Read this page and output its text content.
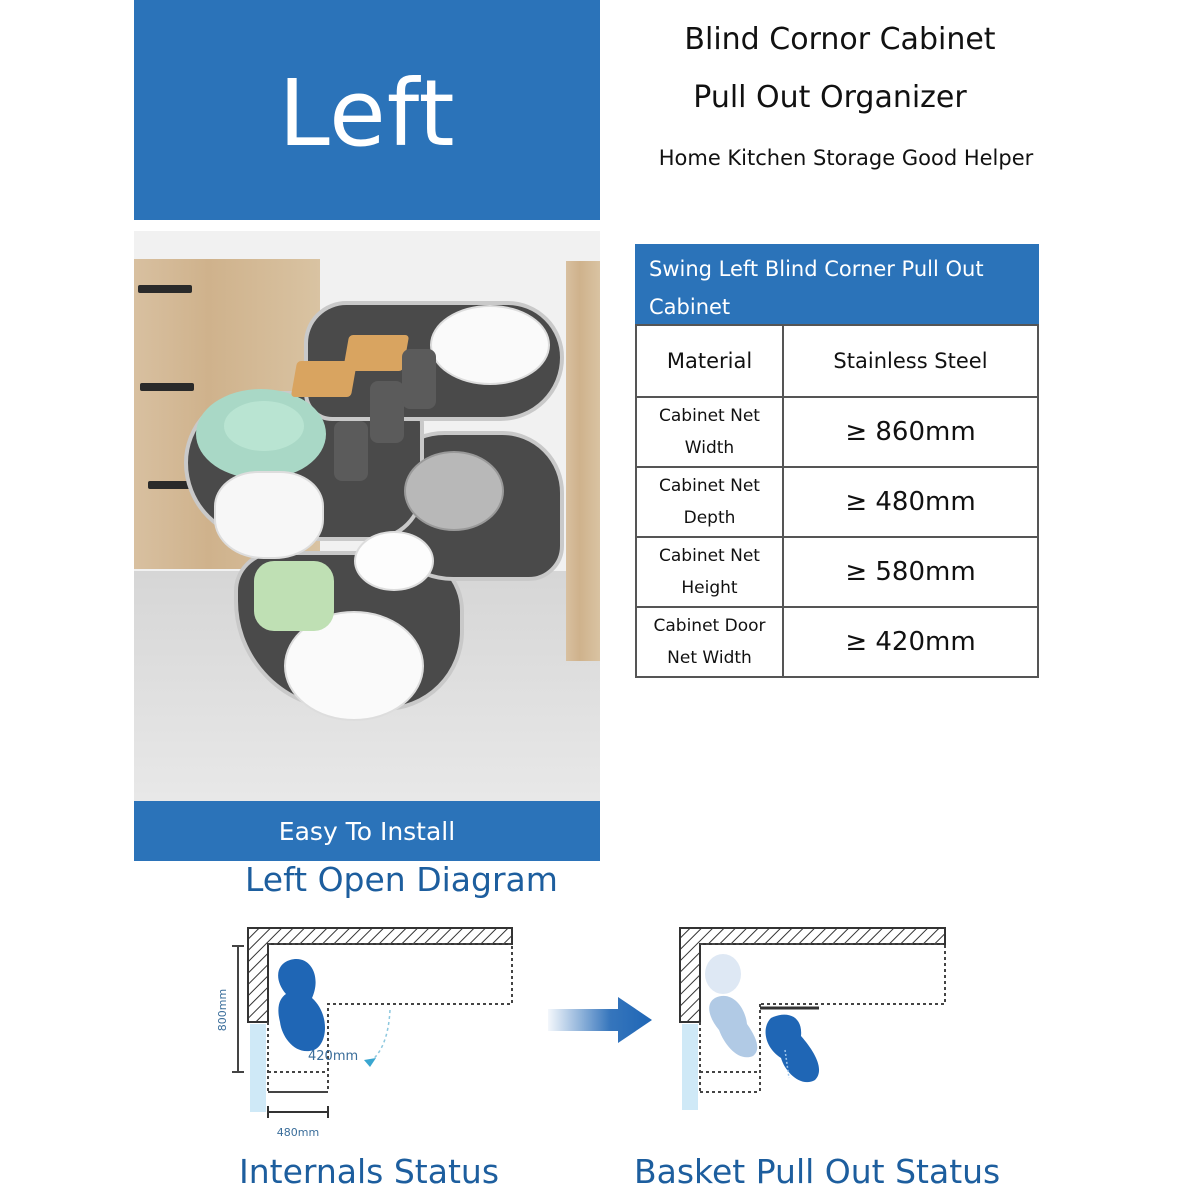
Left
Blind Cornor Cabinet
Pull Out Organizer
Home Kitchen Storage Good Helper
Easy To Install
Swing Left Blind Corner Pull Out Cabinet
Material	Stainless Steel
Cabinet Net Width	≥ 860mm
Cabinet Net Depth	≥ 480mm
Cabinet Net Height	≥ 580mm
Cabinet Door Net Width	≥ 420mm
Left Open Diagram
800mm
480mm
420mm
Internals Status	Basket Pull Out Status
